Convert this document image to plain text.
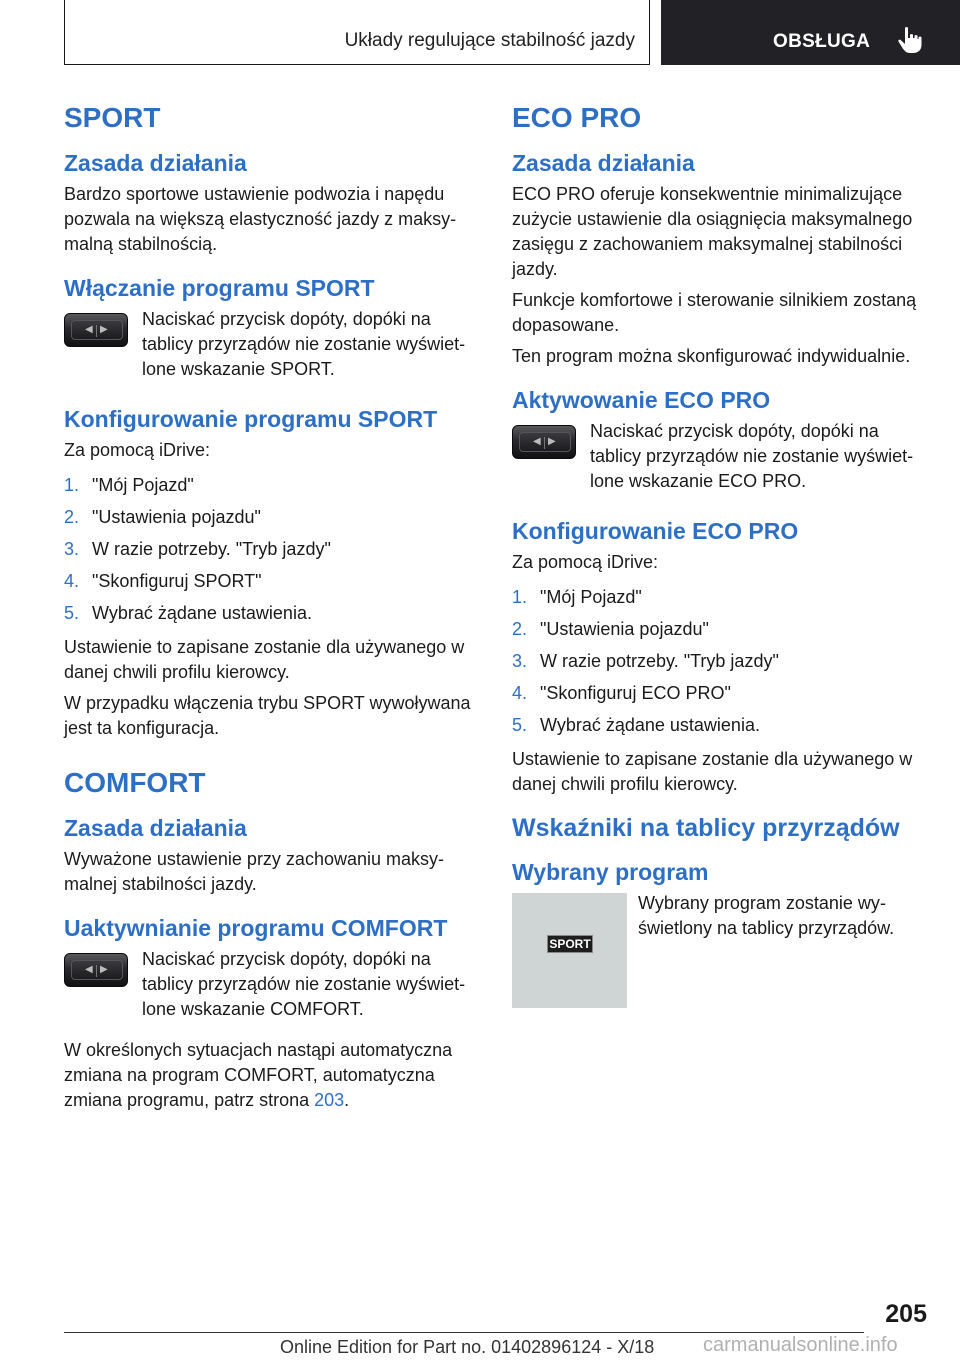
Układy regulujące stabilność jazdy	OBSŁUGA
SPORT
Zasada działania

Bardzo sportowe ustawienie podwozia i napędu pozwala na większą elastyczność jazdy z maksymalną stabilnością.

Włączanie programu SPORT
◀ ▶

Naciskać przycisk dopóty, dopóki na tablicy przyrządów nie zostanie wyświetlone wskazanie SPORT.

Konfigurowanie programu SPORT

Za pomocą iDrive:

1. "Mój Pojazd"
2. "Ustawienia pojazdu"
3. W razie potrzeby. "Tryb jazdy"
4. "Skonfiguruj SPORT"
5. Wybrać żądane ustawienia.

Ustawienie to zapisane zostanie dla używanego w danej chwili profilu kierowcy.

W przypadku włączenia trybu SPORT wywoływana jest ta konfiguracja.

COMFORT
Zasada działania

Wyważone ustawienie przy zachowaniu maksymalnej stabilności jazdy.

Uaktywnianie programu COMFORT
◀ ▶

Naciskać przycisk dopóty, dopóki na tablicy przyrządów nie zostanie wyświetlone wskazanie COMFORT.

W określonych sytuacjach nastąpi automatyczna zmiana na program COMFORT, automatyczna zmiana programu, patrz strona 203.

ECO PRO
Zasada działania

ECO PRO oferuje konsekwentnie minimalizujące zużycie ustawienie dla osiągnięcia maksymalnego zasięgu z zachowaniem maksymalnej stabilności jazdy.

Funkcje komfortowe i sterowanie silnikiem zostaną dopasowane.

Ten program można skonfigurować indywidualnie.

Aktywowanie ECO PRO
◀ ▶

Naciskać przycisk dopóty, dopóki na tablicy przyrządów nie zostanie wyświetlone wskazanie ECO PRO.

Konfigurowanie ECO PRO

Za pomocą iDrive:

1. "Mój Pojazd"
2. "Ustawienia pojazdu"
3. W razie potrzeby. "Tryb jazdy"
4. "Skonfiguruj ECO PRO"
5. Wybrać żądane ustawienia.

Ustawienie to zapisane zostanie dla używanego w danej chwili profilu kierowcy.

Wskaźniki na tablicy przyrządów
Wybrany program
SPORT

Wybrany program zostanie wyświetlony na tablicy przyrządów.

205
Online Edition for Part no. 01402896124 - X/18 carmanualsonline.info
